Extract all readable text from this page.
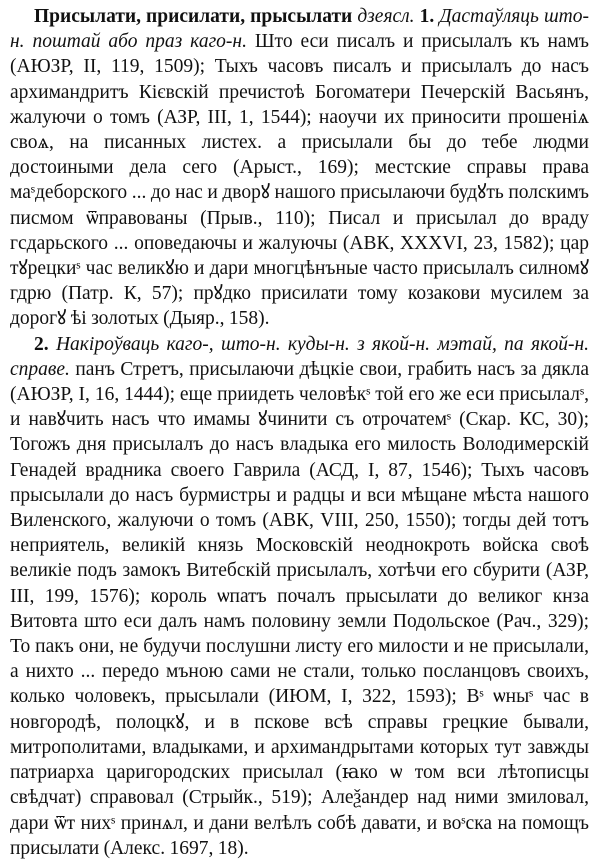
Присылати, присилати, прысылати дзеясл. 1. Дастаўляць што-н. поштай або праз каго-н. Што еси писалъ и присылалъ къ намъ (АЮЗР, II, 119, 1509); Тыхъ часовъ писалъ и присылалъ до насъ архимандритъ Кієвскій пречистоѣ Богоматери Печерскій Васьянъ, жалуючи о томъ (АЗР, III, 1, 1544); наоучи их приносити прошенiѧ своѧ, на писанных листех. а присылали бы до тебе людми достоиными дела сего (Арыст., 169); местские справы права маˢдеборского ... до нас и дворꙋ нашого присылаючи будꙋть полскимъ писмом ѿправованы (Прыв., 110); Писал и присылал до враду гсдарьского ... оповедаючы и жалуючы (АВК, XXXVI, 23, 1582); цар тꙋрецкиˢ час великꙋю и дари многцѣнъные часто присылалъ силномꙋ гдрю (Патр. К, 57); прꙋдко присилати тому козакови мусилем за дорогꙋ ѣі золотых (Дыяр., 158).

2. Накіроўваць каго-, што-н. куды-н. з якой-н. мэтай, па якой-н. справе. панъ Стретъ, присылаючи дѣцкіе свои, грабить насъ за дякла (АЮЗР, I, 16, 1444); еще приидеть человѣкˢ той его же еси присылалˢ, и навꙋчить насъ что имамы ꙋчинити съ отрочатемˢ (Скар. КС, 30); Тогожъ дня присылалъ до насъ владыка его милость Володимерскій Генадей врадника своего Гаврила (АСД, I, 87, 1546); Тыхъ часовъ прысылали до насъ бурмистры и радцы и вси мѣщане мѣста нашого Виленского, жалуючи о томъ (АВК, VIII, 250, 1550); тогды дей тотъ неприятель, великій князь Московскій неоднокроть войска своѣ великіе подъ замокъ Витебскій присылалъ, хотѣчи его сбурити (АЗР, III, 199, 1576); король ѡпатъ почалъ прысылати до великог кнза Витовта што еси далъ намъ половину земли Подольское (Рач., 329); То пакъ они, не будучи послушни листу его милости и не присылали, а нихто ... передо мъною сами не стали, только посланцовъ своихъ, колько чоловекъ, прысылали (ИЮМ, I, 322, 1593); Вˢ ѡныˢ час в новгородѣ, полоцкꙋ, и в пскове всѣ справы грецкие бывали, митрополитами, владыками, и архимандрытами которых тут завжды патриарха царигородских присылал (ꙗко ѡ том вси лѣтописцы свѣдчат) справовал (Стрыйк., 519); Алеѯандер над ними змиловал, дари ѿт нихˢ принѧл, и дани велѣлъ собѣ давати, и воˢска на помощъ присылати (Алекс. 1697, 18).
